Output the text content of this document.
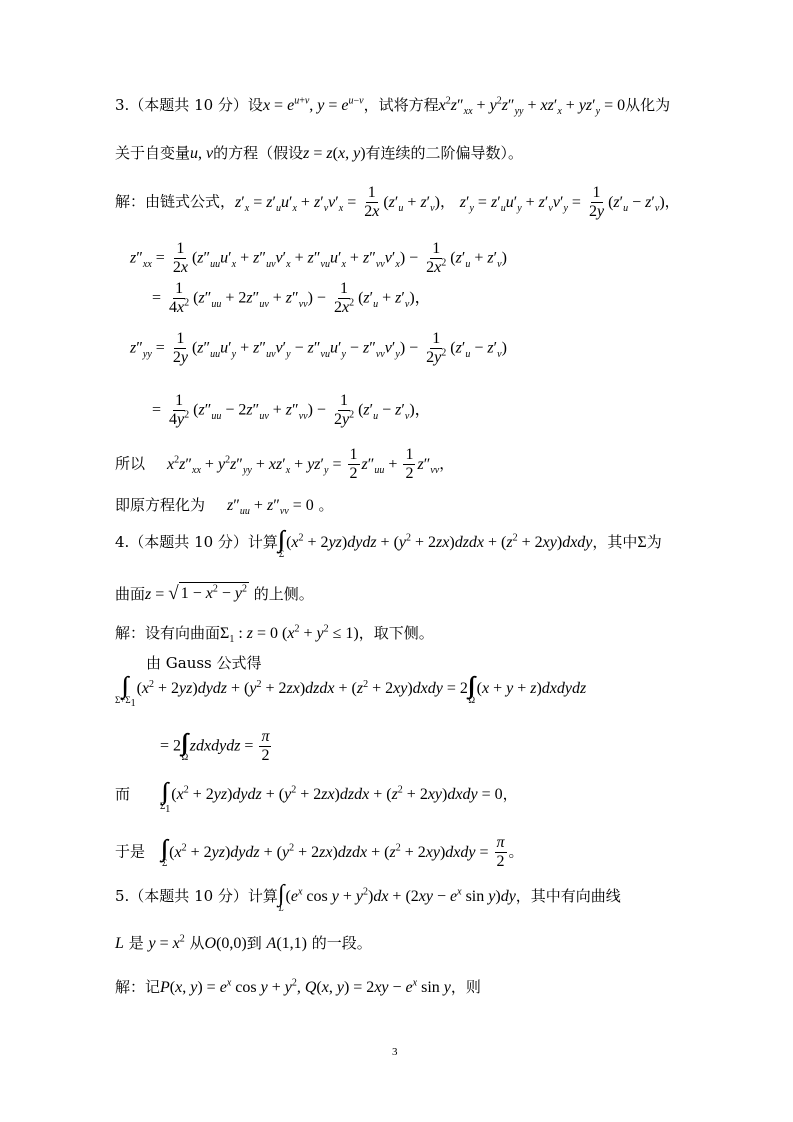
3.（本题共 10 分）设$x = e^{u+v}$, $y = e^{u-v}$，试将方程$x^2z''_{xx} + y^2z''_{yy} + xz'_x + yz'_y = 0$从化为
关于自变量u, v的方程（假设z = z(x, y)有连续的二阶偏导数）。
解：由链式公式，$z'_x = z'_uu'_x + z'_vv'_x = \frac{1}{2x} (z'_u + z'_v)$， $z'_y = z'_uu'_y + z'_vv'_y = \frac{1}{2y} (z'_u - z'_v)$，
$z''_{xx} = \frac{1}{2x} (z''_{uu}u'_x + z''_{uv}v'_x + z''_{vu}u'_x + z''_{vv}v'_x) - \frac{1}{2x^2} (z'_u + z'_v)$
= $\frac{1}{4x^2} (z''_{uu} + 2z''_{uv} + z''_{vv}) - \frac{1}{2x^2} (z'_u + z'_v)$，
$z''_{yy} = \frac{1}{2y} (z''_{uu}u'_y + z''_{uv}v'_y - z''_{vu}u'_y - z''_{vv}v'_y) - \frac{1}{2y^2} (z'_u - z'_v)$
= $\frac{1}{4y^2} (z''_{uu} - 2z''_{uv} + z''_{vv}) - \frac{1}{2y^2} (z'_u - z'_v)$，
所以 $x^2z''_{xx} + y^2z''_{yy} + xz'_x + yz'_y = \frac{1}{2} z''_{uu} + \frac{1}{2} z''_{vv}$，
即原方程化为 $z''_{uu} + z''_{vv} = 0$ 。
4.（本题共 10 分）计算 ∫∫
Σ
($x^2$ + 2yz)dydz + ($y^2$ + 2zx)dzdx + ($z^2$ + 2xy)dxdy，其中Σ为
曲面z = √ $1 - x^2 - y^2$ 的上侧。
解：设有向曲面$\Sigma_1$ : z = 0 $(x^2 + y^2 \le 1)$，取下侧。
由 Gauss 公式得
∫∫
$\Sigma+\Sigma_1$
($x^2$ + 2yz)dydz + ($y^2$ + 2zx)dzdx + ($z^2$ + 2xy)dxdy = 2 ∫∫∫
Ω
(x + y + z)dxdydz
= 2 ∫∫∫
Ω
zdxdydz = $\frac{\pi}{2}$
而 ∫∫
$\Sigma_1$
($x^2$ + 2yz)dydz + ($y^2$ + 2zx)dzdx + ($z^2$ + 2xy)dxdy = 0，
于是 ∫∫
Σ
($x^2$ + 2yz)dydz + ($y^2$ + 2zx)dzdx + ($z^2$ + 2xy)dxdy = $\frac{\pi}{2}$ 。
5.（本题共 10 分）计算 ∫
L
($e^x$ $\cos y + y^2)dx + (2xy - e^x$ sin y)dy，其中有向曲线
L 是 $y = x^2$ 从O(0,0)到 A(1,1) 的一段。
解：记P(x, $y) = e^x$ $\cos y + y^2$, Q(x, $y) = 2xy - e^x$ sin y，则
3
